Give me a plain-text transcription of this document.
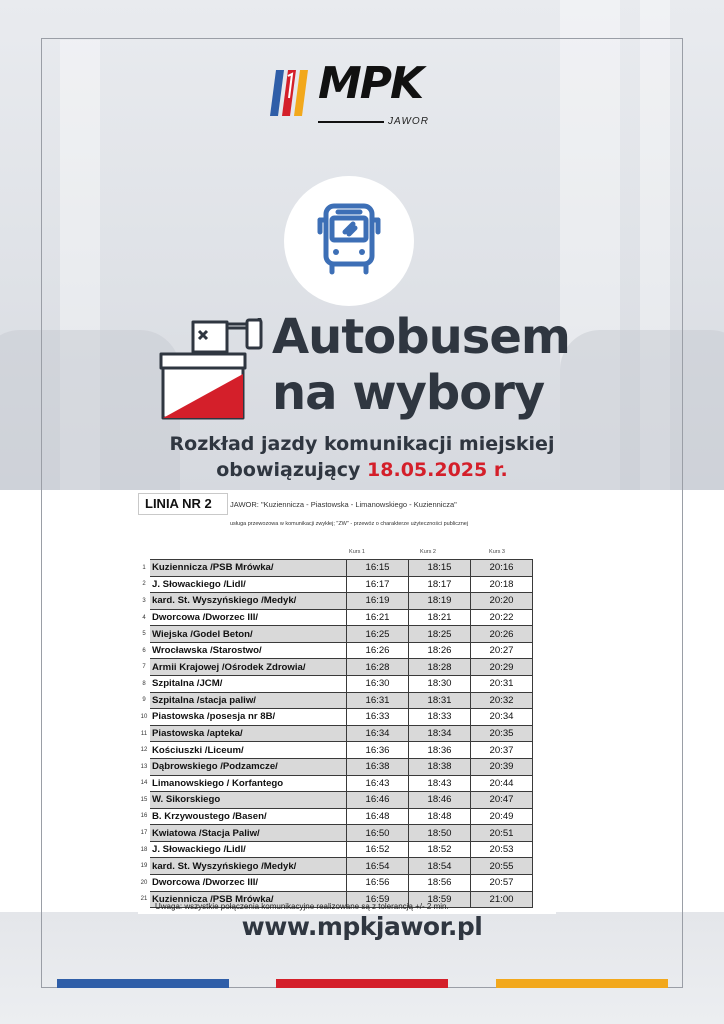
MPK
JAWOR
Autobusem
na wybory
Rozkład jazdy komunikacji miejskiej
obowiązujący 18.05.2025 r.
LINIA NR 2	JAWOR: "Kuziennicza - Piastowska - Limanowskiego - Kuziennicza"
usługa przewozowa w komunikacji zwykłej; "ZW" - przewóz o charakterze użyteczności publicznej
Kurs 1	Kurs 2	Kurs 3
1	Kuziennicza /PSB Mrówka/	16:15	18:15	20:16
2	J. Słowackiego /Lidl/	16:17	18:17	20:18
3	kard. St. Wyszyńskiego /Medyk/	16:19	18:19	20:20
4	Dworcowa /Dworzec III/	16:21	18:21	20:22
5	Wiejska /Godel Beton/	16:25	18:25	20:26
6	Wrocławska /Starostwo/	16:26	18:26	20:27
7	Armii Krajowej /Ośrodek Zdrowia/	16:28	18:28	20:29
8	Szpitalna /JCM/	16:30	18:30	20:31
9	Szpitalna /stacja paliw/	16:31	18:31	20:32
10	Piastowska /posesja nr 8B/	16:33	18:33	20:34
11	Piastowska /apteka/	16:34	18:34	20:35
12	Kościuszki /Liceum/	16:36	18:36	20:37
13	Dąbrowskiego /Podzamcze/	16:38	18:38	20:39
14	Limanowskiego / Korfantego	16:43	18:43	20:44
15	W. Sikorskiego	16:46	18:46	20:47
16	B. Krzywoustego /Basen/	16:48	18:48	20:49
17	Kwiatowa /Stacja Paliw/	16:50	18:50	20:51
18	J. Słowackiego /Lidl/	16:52	18:52	20:53
19	kard. St. Wyszyńskiego /Medyk/	16:54	18:54	20:55
20	Dworcowa /Dworzec III/	16:56	18:56	20:57
21	Kuziennicza /PSB Mrówka/	16:59	18:59	21:00
Uwaga: wszystkie połączenia komunikacyjne realizowane są z tolerancją +/- 2 min.
www.mpkjawor.pl
